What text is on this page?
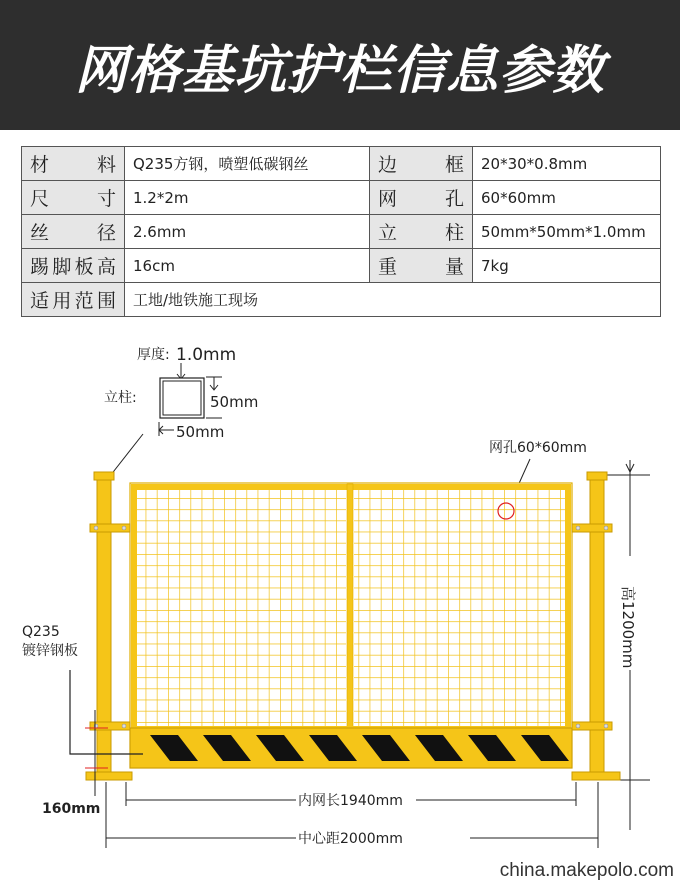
网格基坑护栏信息参数
材料	Q235方钢，喷塑低碳钢丝	边框	20*30*0.8mm
尺寸	1.2*2m	网孔	60*60mm
丝径	2.6mm	立柱	50mm*50mm*1.0mm
踢脚板高	16cm	重量	7kg
适用范围	工地/地铁施工现场		
厚度: 1.0mm
50mm
立柱:
50mm
网孔60*60mm
高1200mm
Q235
镀锌钢板
160mm	内网长1940mm
中心距2000mm
china.makepolo.com
